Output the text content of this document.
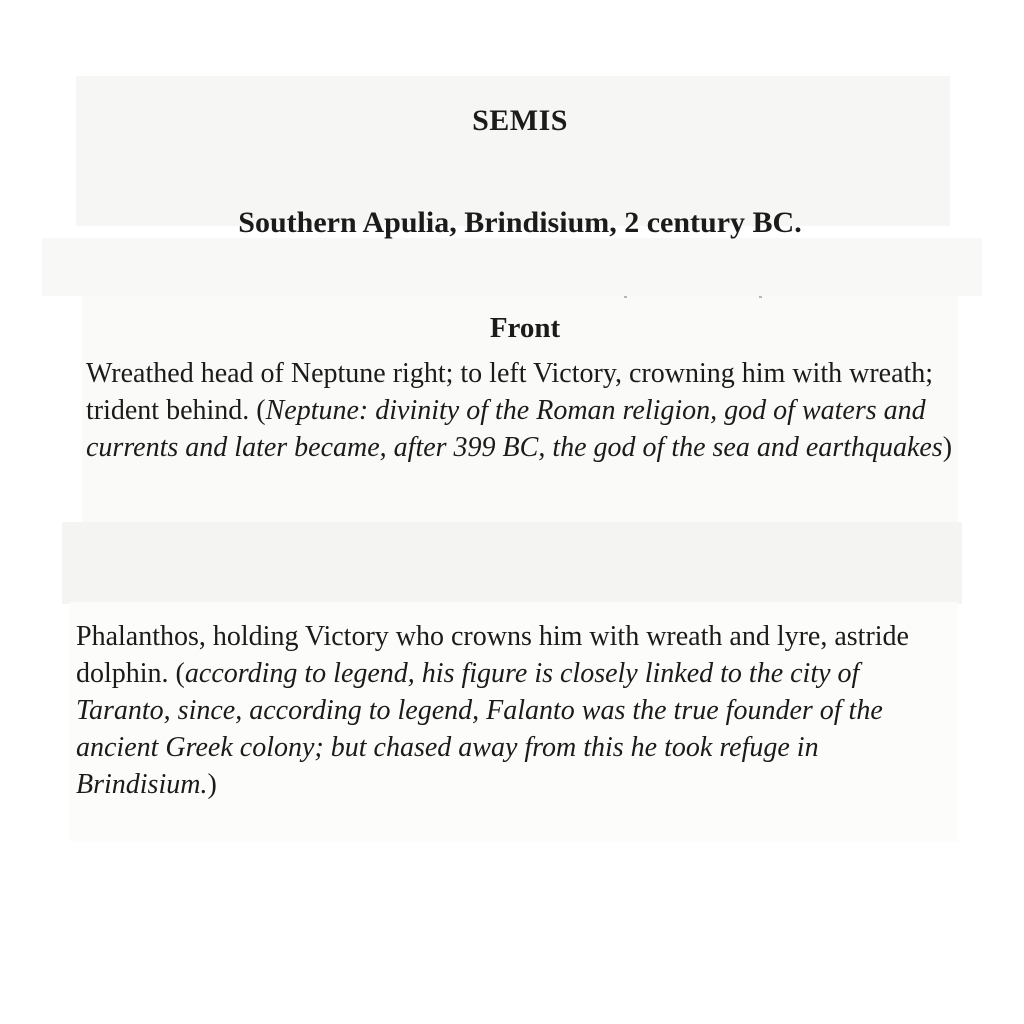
SEMIS
Southern Apulia, Brindisium, 2 century BC.
Front

Wreathed head of Neptune right; to left Victory, crowning him with wreath; trident behind. (Neptune: divinity of the Roman religion, god of waters and currents and later became, after 399 BC, the god of the sea and earthquakes)

Phalanthos, holding Victory who crowns him with wreath and lyre, astride dolphin. (according to legend, his figure is closely linked to the city of Taranto, since, according to legend, Falanto was the true founder of the ancient Greek colony; but chased away from this he took refuge in Brindisium.)
